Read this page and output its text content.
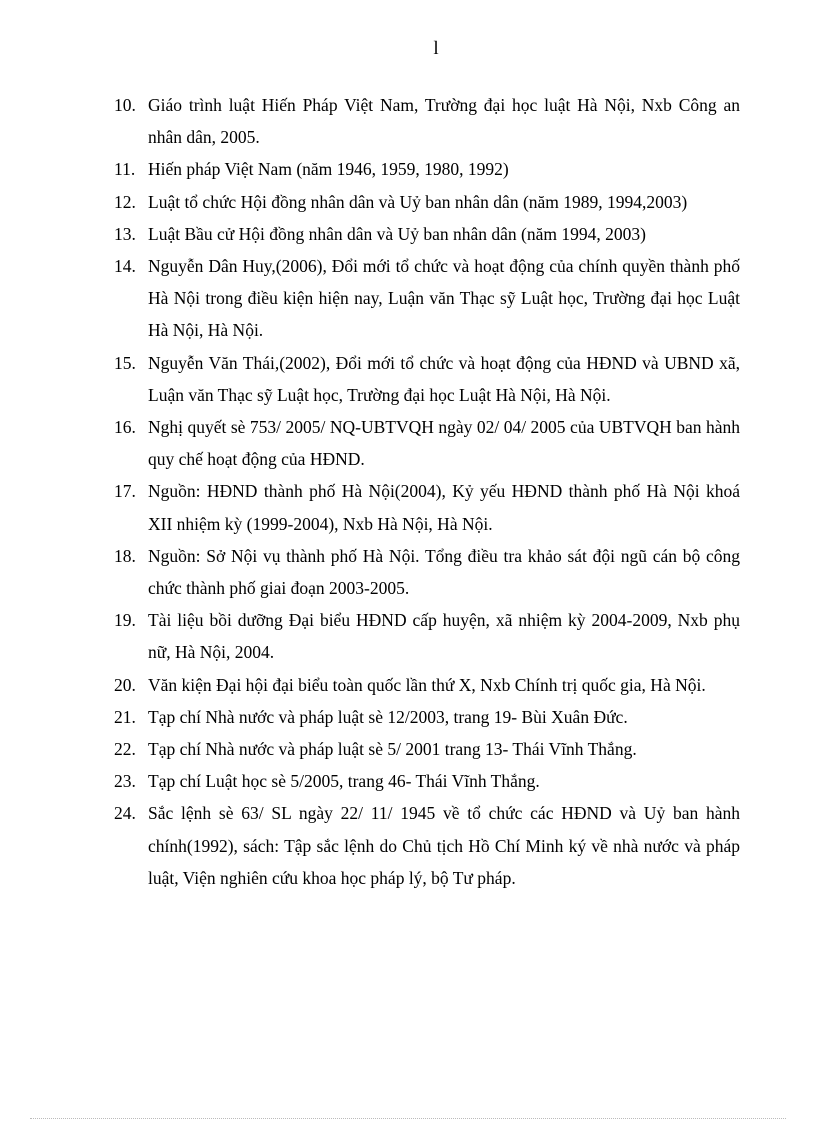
l
10. Giáo trình luật Hiến Pháp Việt Nam, Trường đại học luật Hà Nội, Nxb Công an nhân dân, 2005.
11. Hiến pháp Việt Nam (năm 1946, 1959, 1980, 1992)
12. Luật tổ chức Hội đồng nhân dân và Uỷ ban nhân dân (năm 1989, 1994,2003)
13. Luật Bầu cử Hội đồng nhân dân và Uỷ ban nhân dân (năm 1994, 2003)
14. Nguyễn Dân Huy,(2006), Đổi mới tổ chức và hoạt động của chính quyền thành phố Hà Nội trong điều kiện hiện nay, Luận văn Thạc sỹ Luật học, Trường đại học Luật Hà Nội, Hà Nội.
15. Nguyễn Văn Thái,(2002), Đổi mới tổ chức và hoạt động của HĐND và UBND xã, Luận văn Thạc sỹ Luật học, Trường đại học Luật Hà Nội, Hà Nội.
16. Nghị quyết sè 753/ 2005/ NQ-UBTVQH ngày 02/ 04/ 2005 của UBTVQH ban hành quy chế hoạt động của HĐND.
17. Nguồn: HĐND thành phố Hà Nội(2004), Kỷ yếu HĐND thành phố Hà Nội khoá XII nhiệm kỳ (1999-2004), Nxb Hà Nội, Hà Nội.
18. Nguồn: Sở Nội vụ thành phố Hà Nội. Tổng điều tra khảo sát đội ngũ cán bộ công chức thành phố giai đoạn 2003-2005.
19. Tài liệu bồi dưỡng Đại biểu HĐND cấp huyện, xã nhiệm kỳ 2004-2009, Nxb phụ nữ, Hà Nội, 2004.
20. Văn kiện Đại hội đại biểu toàn quốc lần thứ X, Nxb Chính trị quốc gia, Hà Nội.
21. Tạp chí Nhà nước và pháp luật sè 12/2003, trang 19- Bùi Xuân Đức.
22. Tạp chí Nhà nước và pháp luật sè 5/ 2001 trang 13- Thái Vĩnh Thắng.
23. Tạp chí Luật học sè 5/2005, trang 46- Thái Vĩnh Thắng.
24. Sắc lệnh sè 63/ SL ngày 22/ 11/ 1945 về tổ chức các HĐND và Uỷ ban hành chính(1992), sách: Tập sắc lệnh do Chủ tịch Hồ Chí Minh ký về nhà nước và pháp luật, Viện nghiên cứu khoa học pháp lý, bộ Tư pháp.
